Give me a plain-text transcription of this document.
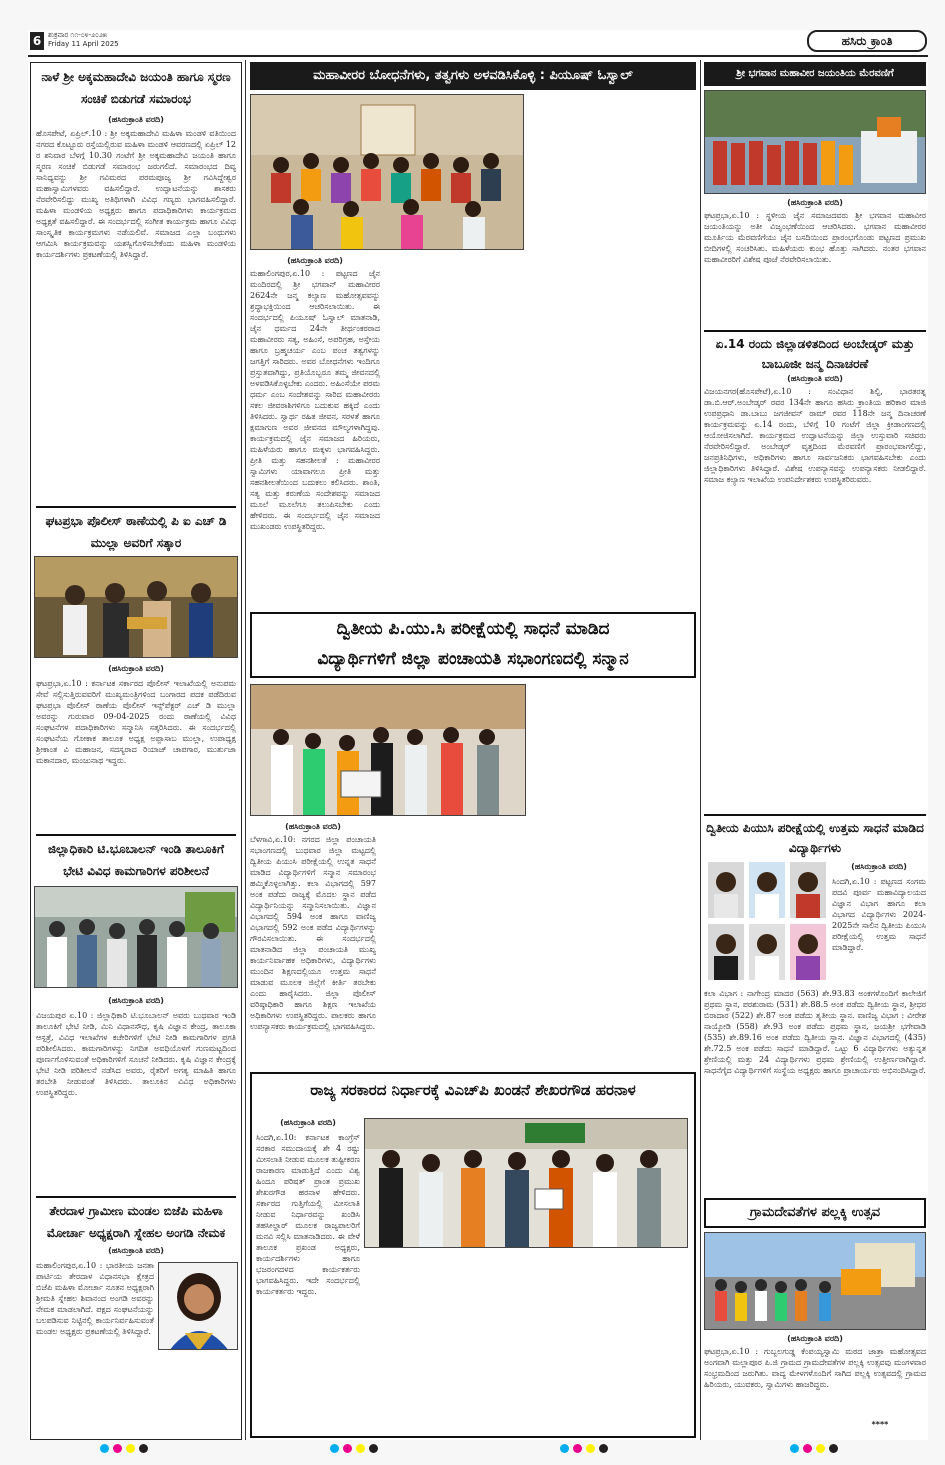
6 ಶುಕ್ರವಾರ ೧೧-೦೪-೨೦೨೫
Friday 11 April 2025	ಹಸಿರು ಕ್ರಾಂತಿ
ನಾಳೆ ಶ್ರೀ ಅಕ್ಕಮಹಾದೇವಿ ಜಯಂತಿ ಹಾಗೂ ಸ್ಮರಣ ಸಂಚಿಕೆ ಬಿಡುಗಡೆ ಸಮಾರಂಭ
(ಹಸಿರುಕ್ರಾಂತಿ ವರದಿ)
ಹೊಸಪೇಟೆ, ಏಪ್ರಿಲ್.10 : ಶ್ರೀ ಅಕ್ಕಮಹಾದೇವಿ ಮಹಿಳಾ ಮಂಡಳಿ ವತಿಯಿಂದ ನಗರದ ಕೊಟ್ಟೂರು ರಸ್ತೆಯಲ್ಲಿರುವ ಮಹಿಳಾ ಮಂಡಳಿ ಆವರಣದಲ್ಲಿ ಏಪ್ರಿಲ್ 12 ರ ಶನಿವಾರ ಬೆಳಗ್ಗೆ 10.30 ಗಂಟೆಗೆ ಶ್ರೀ ಅಕ್ಕಮಹಾದೇವಿ ಜಯಂತಿ ಹಾಗೂ ಸ್ಮರಣ ಸಂಚಿಕೆ ಬಿಡುಗಡೆ ಸಮಾರಂಭ ಜರುಗಲಿದೆ. ಸಮಾರಂಭದ ದಿವ್ಯ ಸಾನಿಧ್ಯವನ್ನು ಶ್ರೀ ಗವಿಮಠದ ಪರಮಪೂಜ್ಯ ಶ್ರೀ ಗವಿಸಿದ್ದೇಶ್ವರ ಮಹಾಸ್ವಾಮಿಗಳವರು ವಹಿಸಲಿದ್ದಾರೆ. ಉದ್ಘಾಟನೆಯನ್ನು ಶಾಸಕರು ನೆರವೇರಿಸಲಿದ್ದು ಮುಖ್ಯ ಅತಿಥಿಗಳಾಗಿ ವಿವಿಧ ಗಣ್ಯರು ಭಾಗವಹಿಸಲಿದ್ದಾರೆ. ಮಹಿಳಾ ಮಂಡಳಿಯ ಅಧ್ಯಕ್ಷರು ಹಾಗೂ ಪದಾಧಿಕಾರಿಗಳು ಕಾರ್ಯಕ್ರಮದ ಅಧ್ಯಕ್ಷತೆ ವಹಿಸಲಿದ್ದಾರೆ. ಈ ಸಂದರ್ಭದಲ್ಲಿ ಸಂಗೀತ ಕಾರ್ಯಕ್ರಮ ಹಾಗೂ ವಿವಿಧ ಸಾಂಸ್ಕೃತಿಕ ಕಾರ್ಯಕ್ರಮಗಳು ನಡೆಯಲಿವೆ. ಸಮಾಜದ ಎಲ್ಲಾ ಬಂಧುಗಳು ಆಗಮಿಸಿ ಕಾರ್ಯಕ್ರಮವನ್ನು ಯಶಸ್ವಿಗೊಳಿಸಬೇಕೆಂದು ಮಹಿಳಾ ಮಂಡಳಿಯ ಕಾರ್ಯದರ್ಶಿಗಳು ಪ್ರಕಟಣೆಯಲ್ಲಿ ತಿಳಿಸಿದ್ದಾರೆ.
ಘಟಪ್ರಭಾ ಪೊಲೀಸ್ ಠಾಣೆಯಲ್ಲಿ ಪಿ ಐ ಎಚ್ ಡಿ ಮುಲ್ಲಾ ಅವರಿಗೆ ಸತ್ಕಾರ
(ಹಸಿರುಕ್ರಾಂತಿ ವರದಿ)
ಘಟಪ್ರಭಾ,ಏ.10 : ಕರ್ನಾಟಕ ಸರ್ಕಾರದ ಪೊಲೀಸ್ ಇಲಾಖೆಯಲ್ಲಿ ಅನುಪಮ ಸೇವೆ ಸಲ್ಲಿಸುತ್ತಿರುವವರಿಗೆ ಮುಖ್ಯಮಂತ್ರಿಗಳಿಂದ ಬಂಗಾರದ ಪದಕ ಪಡೆದಿರುವ ಘಟಪ್ರಭಾ ಪೊಲೀಸ್ ಠಾಣೆಯ ಪೊಲೀಸ್ ಇನ್ಸ್‌ಪೆಕ್ಟರ್ ಎಚ್ ಡಿ ಮುಲ್ಲಾ ಅವರನ್ನು ಗುರುವಾರ 09-04-2025 ರಂದು ಠಾಣೆಯಲ್ಲಿ ವಿವಿಧ ಸಂಘಟನೆಗಳ ಪದಾಧಿಕಾರಿಗಳು ಸನ್ಮಾನಿಸಿ ಸತ್ಕರಿಸಿದರು. ಈ ಸಂದರ್ಭದಲ್ಲಿ ಸಂಘಟನೆಯ ಗೋಕಾಕ ತಾಲೂಕ ಅಧ್ಯಕ್ಷ ಅಪ್ಪಾಸಾಬ ಮುಲ್ಲಾ, ಉಪಾಧ್ಯಕ್ಷ ಶ್ರೀಕಾಂತ ವಿ ಮಹಾಜನ, ಸದಸ್ಯರಾದ ರಿಯಾಜ್ ಚಾಪಗಾರ, ಮುರ್ತುಜಾ ಮಕಾನದಾರ, ಮಂಜುನಾಥ ಇದ್ದರು.
ಜಿಲ್ಲಾಧಿಕಾರಿ ಟಿ.ಭೂಬಾಲನ್ ಇಂಡಿ ತಾಲೂಕಿಗೆ ಭೇಟಿ ವಿವಿಧ ಕಾಮಗಾರಿಗಳ ಪರಿಶೀಲನೆ
(ಹಸಿರುಕ್ರಾಂತಿ ವರದಿ)
ವಿಜಯಪುರ ಏ.10 : ಜಿಲ್ಲಾಧಿಕಾರಿ ಟಿ.ಭೂಬಾಲನ್ ಅವರು ಬುಧವಾರ ಇಂಡಿ ತಾಲೂಕಿಗೆ ಭೇಟಿ ನೀಡಿ, ಮಿನಿ ವಿಧಾನಸೌಧ, ಕೃಷಿ ವಿಜ್ಞಾನ ಕೇಂದ್ರ, ತಾಲೂಕಾ ಆಸ್ಪತ್ರೆ, ವಿವಿಧ ಇಲಾಖೆಗಳ ಕಚೇರಿಗಳಿಗೆ ಭೇಟಿ ನೀಡಿ ಕಾಮಗಾರಿಗಳ ಪ್ರಗತಿ ಪರಿಶೀಲಿಸಿದರು. ಕಾಮಗಾರಿಗಳನ್ನು ನಿಗದಿತ ಅವಧಿಯೊಳಗೆ ಗುಣಮಟ್ಟದಿಂದ ಪೂರ್ಣಗೊಳಿಸುವಂತೆ ಅಧಿಕಾರಿಗಳಿಗೆ ಸೂಚನೆ ನೀಡಿದರು. ಕೃಷಿ ವಿಜ್ಞಾನ ಕೇಂದ್ರಕ್ಕೆ ಭೇಟಿ ನೀಡಿ ಪರಿಶೀಲನೆ ನಡೆಸಿದ ಅವರು, ರೈತರಿಗೆ ಅಗತ್ಯ ಮಾಹಿತಿ ಹಾಗೂ ತರಬೇತಿ ನೀಡುವಂತೆ ತಿಳಿಸಿದರು. ತಾಲೂಕಿನ ವಿವಿಧ ಅಧಿಕಾರಿಗಳು ಉಪಸ್ಥಿತರಿದ್ದರು.
ತೇರದಾಳ ಗ್ರಾಮೀಣ ಮಂಡಲ ಬಿಜೆಪಿ ಮಹಿಳಾ ಮೋರ್ಚಾ ಅಧ್ಯಕ್ಷರಾಗಿ ಸ್ನೇಹಲ ಅಂಗಡಿ ನೇಮಕ
(ಹಸಿರುಕ್ರಾಂತಿ ವರದಿ)
ಮಹಾಲಿಂಗಪುರ,ಏ.10 : ಭಾರತೀಯ ಜನತಾ ಪಾರ್ಟಿಯ ತೇರದಾಳ ವಿಧಾನಸಭಾ ಕ್ಷೇತ್ರದ ಬಿಜೆಪಿ ಮಹಿಳಾ ಮೋರ್ಚಾ ನೂತನ ಅಧ್ಯಕ್ಷರಾಗಿ ಶ್ರೀಮತಿ ಸ್ನೇಹಲ ಶಿವಾನಂದ ಅಂಗಡಿ ಅವರನ್ನು ನೇಮಕ ಮಾಡಲಾಗಿದೆ. ಪಕ್ಷದ ಸಂಘಟನೆಯನ್ನು ಬಲಪಡಿಸುವ ನಿಟ್ಟಿನಲ್ಲಿ ಕಾರ್ಯನಿರ್ವಹಿಸುವಂತೆ ಮಂಡಲ ಅಧ್ಯಕ್ಷರು ಪ್ರಕಟಣೆಯಲ್ಲಿ ತಿಳಿಸಿದ್ದಾರೆ.
ಮಹಾವೀರರ ಬೋಧನೆಗಳು, ತತ್ವಗಳು ಅಳವಡಿಸಿಕೊಳ್ಳಿ : ಪಿಯೂಷ್ ಓಸ್ವಾಲ್
(ಹಸಿರುಕ್ರಾಂತಿ ವರದಿ)
ಮಹಾಲಿಂಗಪುರ,ಏ.10 : ಪಟ್ಟಣದ ಜೈನ ಮಂದಿರದಲ್ಲಿ ಶ್ರೀ ಭಗವಾನ್ ಮಹಾವೀರರ 2624ನೇ ಜನ್ಮ ಕಲ್ಯಾಣ ಮಹೋತ್ಸವವನ್ನು ಶ್ರದ್ಧಾಭಕ್ತಿಯಿಂದ ಆಚರಿಸಲಾಯಿತು. ಈ ಸಂದರ್ಭದಲ್ಲಿ ಪಿಯೂಷ್ ಓಸ್ವಾಲ್ ಮಾತನಾಡಿ, ಜೈನ ಧರ್ಮದ 24ನೇ ತೀರ್ಥಂಕರರಾದ ಮಹಾವೀರರು ಸತ್ಯ, ಅಹಿಂಸೆ, ಅಪರಿಗ್ರಹ, ಅಸ್ತೇಯ ಹಾಗೂ ಬ್ರಹ್ಮಚರ್ಯ ಎಂಬ ಪಂಚ ತತ್ವಗಳನ್ನು ಜಗತ್ತಿಗೆ ಸಾರಿದರು. ಅವರ ಬೋಧನೆಗಳು ಇಂದಿಗೂ ಪ್ರಸ್ತುತವಾಗಿದ್ದು, ಪ್ರತಿಯೊಬ್ಬರೂ ತಮ್ಮ ಜೀವನದಲ್ಲಿ ಅಳವಡಿಸಿಕೊಳ್ಳಬೇಕು ಎಂದರು. ಅಹಿಂಸೆಯೇ ಪರಮ ಧರ್ಮ ಎಂಬ ಸಂದೇಶವನ್ನು ಸಾರಿದ ಮಹಾವೀರರು ಸಕಲ ಜೀವರಾಶಿಗಳಿಗೂ ಬದುಕುವ ಹಕ್ಕಿದೆ ಎಂದು ತಿಳಿಸಿದರು. ಸ್ವಾರ್ಥ ರಹಿತ ಜೀವನ, ಸರಳತೆ ಹಾಗೂ ಕ್ಷಮಾಗುಣ ಅವರ ಜೀವನದ ಮೌಲ್ಯಗಳಾಗಿದ್ದವು. ಕಾರ್ಯಕ್ರಮದಲ್ಲಿ ಜೈನ ಸಮಾಜದ ಹಿರಿಯರು, ಮಹಿಳೆಯರು ಹಾಗೂ ಮಕ್ಕಳು ಭಾಗವಹಿಸಿದ್ದರು. ಪ್ರೀತಿ ಮತ್ತು ಸಹನಶೀಲತೆ : ಮಹಾವೀರರ ಸ್ವಾಮಿಗಳು ಯಾವಾಗಲೂ ಪ್ರೀತಿ ಮತ್ತು ಸಹನಶೀಲತೆಯಿಂದ ಬದುಕಲು ಕಲಿಸಿದರು. ಶಾಂತಿ, ಸತ್ಯ ಮತ್ತು ಕರುಣೆಯ ಸಂದೇಶವನ್ನು ಸಮಾಜದ ಮೂಲೆ ಮೂಲೆಗೂ ತಲುಪಿಸಬೇಕು ಎಂದು ಹೇಳಿದರು. ಈ ಸಂದರ್ಭದಲ್ಲಿ ಜೈನ ಸಮಾಜದ ಮುಖಂಡರು ಉಪಸ್ಥಿತರಿದ್ದರು.
ದ್ವಿತೀಯ ಪಿ.ಯು.ಸಿ ಪರೀಕ್ಷೆಯಲ್ಲಿ ಸಾಧನೆ ಮಾಡಿದ
ವಿದ್ಯಾರ್ಥಿಗಳಿಗೆ ಜಿಲ್ಲಾ ಪಂಚಾಯತಿ ಸಭಾಂಗಣದಲ್ಲಿ ಸನ್ಮಾನ
(ಹಸಿರುಕ್ರಾಂತಿ ವರದಿ)
ಬೆಳಗಾವಿ,ಏ.10: ನಗರದ ಜಿಲ್ಲಾ ಪಂಚಾಯತಿ ಸಭಾಂಗಣದಲ್ಲಿ ಬುಧವಾರ ಜಿಲ್ಲಾ ಮಟ್ಟದಲ್ಲಿ ದ್ವಿತೀಯ ಪಿಯುಸಿ ಪರೀಕ್ಷೆಯಲ್ಲಿ ಉನ್ನತ ಸಾಧನೆ ಮಾಡಿದ ವಿದ್ಯಾರ್ಥಿಗಳಿಗೆ ಸನ್ಮಾನ ಸಮಾರಂಭ ಹಮ್ಮಿಕೊಳ್ಳಲಾಗಿತ್ತು. ಕಲಾ ವಿಭಾಗದಲ್ಲಿ 597 ಅಂಕ ಪಡೆದು ರಾಜ್ಯಕ್ಕೆ ಮೊದಲ ಸ್ಥಾನ ಪಡೆದ ವಿದ್ಯಾರ್ಥಿನಿಯನ್ನು ಸನ್ಮಾನಿಸಲಾಯಿತು. ವಿಜ್ಞಾನ ವಿಭಾಗದಲ್ಲಿ 594 ಅಂಕ ಹಾಗೂ ವಾಣಿಜ್ಯ ವಿಭಾಗದಲ್ಲಿ 592 ಅಂಕ ಪಡೆದ ವಿದ್ಯಾರ್ಥಿಗಳನ್ನು ಗೌರವಿಸಲಾಯಿತು. ಈ ಸಂದರ್ಭದಲ್ಲಿ ಮಾತನಾಡಿದ ಜಿಲ್ಲಾ ಪಂಚಾಯತಿ ಮುಖ್ಯ ಕಾರ್ಯನಿರ್ವಾಹಕ ಅಧಿಕಾರಿಗಳು, ವಿದ್ಯಾರ್ಥಿಗಳು ಮುಂದಿನ ಶಿಕ್ಷಣದಲ್ಲಿಯೂ ಉತ್ತಮ ಸಾಧನೆ ಮಾಡುವ ಮೂಲಕ ಜಿಲ್ಲೆಗೆ ಕೀರ್ತಿ ತರಬೇಕು ಎಂದು ಹಾರೈಸಿದರು. ಜಿಲ್ಲಾ ಪೊಲೀಸ್ ವರಿಷ್ಠಾಧಿಕಾರಿ ಹಾಗೂ ಶಿಕ್ಷಣ ಇಲಾಖೆಯ ಅಧಿಕಾರಿಗಳು ಉಪಸ್ಥಿತರಿದ್ದರು. ಪಾಲಕರು ಹಾಗೂ ಉಪನ್ಯಾಸಕರು ಕಾರ್ಯಕ್ರಮದಲ್ಲಿ ಭಾಗವಹಿಸಿದ್ದರು.
ರಾಜ್ಯ ಸರಕಾರದ ನಿರ್ಧಾರಕ್ಕೆ ವಿಎಚ್‌ಪಿ ಖಂಡನೆ ಶೇಖರಗೌಡ ಹರನಾಳ
(ಹಸಿರುಕ್ರಾಂತಿ ವರದಿ)
ಸಿಂದಗಿ,ಏ.10: ಕರ್ನಾಟಕ ಕಾಂಗ್ರೆಸ್ ಸರಕಾರ ಸಮುದಾಯಕ್ಕೆ ಶೇ 4 ರಷ್ಟು ಮೀಸಲಾತಿ ನೀಡುವ ಮೂಲಕ ತುಷ್ಟೀಕರಣ ರಾಜಕಾರಣ ಮಾಡುತ್ತಿದೆ ಎಂದು ವಿಶ್ವ ಹಿಂದೂ ಪರಿಷತ್ ಪ್ರಾಂತ ಪ್ರಮುಖ ಶೇಖರಗೌಡ ಹರನಾಳ ಹೇಳಿದರು. ಸರ್ಕಾರದ ಗುತ್ತಿಗೆಯಲ್ಲಿ ಮೀಸಲಾತಿ ನೀಡುವ ನಿರ್ಧಾರವನ್ನು ಖಂಡಿಸಿ ತಹಸೀಲ್ದಾರ್ ಮೂಲಕ ರಾಜ್ಯಪಾಲರಿಗೆ ಮನವಿ ಸಲ್ಲಿಸಿ ಮಾತನಾಡಿದರು. ಈ ವೇಳೆ ತಾಲೂಕ ಪ್ರಖಂಡ ಅಧ್ಯಕ್ಷರು, ಕಾರ್ಯದರ್ಶಿಗಳು ಹಾಗೂ ಭಜರಂಗದಳದ ಕಾರ್ಯಕರ್ತರು ಭಾಗವಹಿಸಿದ್ದರು. ಇದೇ ಸಂದರ್ಭದಲ್ಲಿ ಕಾರ್ಯಕರ್ತರು ಇದ್ದರು.
ಶ್ರೀ ಭಗವಾನ ಮಹಾವೀರ ಜಯಂತಿಯ ಮೆರವಣಿಗೆ
(ಹಸಿರುಕ್ರಾಂತಿ ವರದಿ)
ಘಟಪ್ರಭಾ,ಏ.10 : ಸ್ಥಳೀಯ ಜೈನ ಸಮಾಜದವರು ಶ್ರೀ ಭಗವಾನ ಮಹಾವೀರ ಜಯಂತಿಯನ್ನು ಅತೀ ವಿಜೃಂಭಣೆಯಿಂದ ಆಚರಿಸಿದರು. ಭಗವಾನ ಮಹಾವೀರರ ಮೂರ್ತಿಯ ಮೆರವಣಿಗೆಯು ಜೈನ ಬಸದಿಯಿಂದ ಪ್ರಾರಂಭಗೊಂಡು ಪಟ್ಟಣದ ಪ್ರಮುಖ ಬೀದಿಗಳಲ್ಲಿ ಸಂಚರಿಸಿತು. ಮಹಿಳೆಯರು ಕುಂಭ ಹೊತ್ತು ಸಾಗಿದರು. ನಂತರ ಭಗವಾನ ಮಹಾವೀರರಿಗೆ ವಿಶೇಷ ಪೂಜೆ ನೆರವೇರಿಸಲಾಯಿತು.
ಏ.14 ರಂದು ಜಿಲ್ಲಾಡಳಿತದಿಂದ ಅಂಬೇಡ್ಕರ್ ಮತ್ತು ಬಾಬೂಜೀ ಜನ್ಮ ದಿನಾಚರಣೆ
(ಹಸಿರುಕ್ರಾಂತಿ ವರದಿ)
ವಿಜಯನಗರ(ಹೊಸಪೇಟೆ),ಏ.10 : ಸಂವಿಧಾನ ಶಿಲ್ಪಿ, ಭಾರತರತ್ನ ಡಾ.ಬಿ.ಆರ್.ಅಂಬೇಡ್ಕರ್ ರವರ 134ನೇ ಹಾಗೂ ಹಸಿರು ಕ್ರಾಂತಿಯ ಹರಿಕಾರ ಮಾಜಿ ಉಪಪ್ರಧಾನಿ ಡಾ.ಬಾಬು ಜಗಜೀವನ್ ರಾಮ್ ರವರ 118ನೇ ಜನ್ಮ ದಿನಾಚರಣೆ ಕಾರ್ಯಕ್ರಮವನ್ನು ಏ.14 ರಂದು, ಬೆಳಿಗ್ಗೆ 10 ಗಂಟೆಗೆ ಜಿಲ್ಲಾ ಕ್ರೀಡಾಂಗಣದಲ್ಲಿ ಆಯೋಜಿಸಲಾಗಿದೆ. ಕಾರ್ಯಕ್ರಮದ ಉದ್ಘಾಟನೆಯನ್ನು ಜಿಲ್ಲಾ ಉಸ್ತುವಾರಿ ಸಚಿವರು ನೆರವೇರಿಸಲಿದ್ದಾರೆ. ಅಂಬೇಡ್ಕರ್ ವೃತ್ತದಿಂದ ಮೆರವಣಿಗೆ ಪ್ರಾರಂಭವಾಗಲಿದ್ದು, ಜನಪ್ರತಿನಿಧಿಗಳು, ಅಧಿಕಾರಿಗಳು ಹಾಗೂ ಸಾರ್ವಜನಿಕರು ಭಾಗವಹಿಸಬೇಕು ಎಂದು ಜಿಲ್ಲಾಧಿಕಾರಿಗಳು ತಿಳಿಸಿದ್ದಾರೆ. ವಿಶೇಷ ಉಪನ್ಯಾಸವನ್ನು ಉಪನ್ಯಾಸಕರು ನೀಡಲಿದ್ದಾರೆ. ಸಮಾಜ ಕಲ್ಯಾಣ ಇಲಾಖೆಯ ಉಪನಿರ್ದೇಶಕರು ಉಪಸ್ಥಿತರಿರುವರು.
ದ್ವಿತೀಯ ಪಿಯುಸಿ ಪರೀಕ್ಷೆಯಲ್ಲಿ ಉತ್ತಮ ಸಾಧನೆ ಮಾಡಿದ ವಿದ್ಯಾರ್ಥಿಗಳು
(ಹಸಿರುಕ್ರಾಂತಿ ವರದಿ)
ಸಿಂದಗಿ,ಏ.10 : ಪಟ್ಟಣದ ಸಂಗಮ ಪದವಿ ಪೂರ್ವ ಮಹಾವಿದ್ಯಾಲಯದ ವಿಜ್ಞಾನ ವಿಭಾಗ ಹಾಗೂ ಕಲಾ ವಿಭಾಗದ ವಿದ್ಯಾರ್ಥಿಗಳು 2024-2025ನೇ ಸಾಲಿನ ದ್ವಿತೀಯ ಪಿಯುಸಿ ಪರೀಕ್ಷೆಯಲ್ಲಿ ಉತ್ತಮ ಸಾಧನೆ ಮಾಡಿದ್ದಾರೆ.
ಕಲಾ ವಿಭಾಗ : ನಾಗೇಂದ್ರ ಮಾದರ (563) ಶೇ.93.83 ಅಂಕಗಳೊಂದಿಗೆ ಕಾಲೇಜಿಗೆ ಪ್ರಥಮ ಸ್ಥಾನ, ಪರಶುರಾಮ (531) ಶೇ.88.5 ಅಂಕ ಪಡೆದು ದ್ವಿತೀಯ ಸ್ಥಾನ, ಶ್ರೀಧರ ಬಿರಾದಾರ (522) ಶೇ.87 ಅಂಕ ಪಡೆದು ತೃತೀಯ ಸ್ಥಾನ. ವಾಣಿಜ್ಯ ವಿಭಾಗ : ವೀರೇಶ ನಾಯ್ಕೋಡಿ (558) ಶೇ.93 ಅಂಕ ಪಡೆದು ಪ್ರಥಮ ಸ್ಥಾನ, ಜಯಶ್ರೀ ಭಗೇವಾಡಿ (535) ಶೇ.89.16 ಅಂಕ ಪಡೆದು ದ್ವಿತೀಯ ಸ್ಥಾನ. ವಿಜ್ಞಾನ ವಿಭಾಗದಲ್ಲಿ (435) ಶೇ.72.5 ಅಂಕ ಪಡೆದು ಸಾಧನೆ ಮಾಡಿದ್ದಾರೆ. ಒಟ್ಟು 6 ವಿದ್ಯಾರ್ಥಿಗಳು ಅತ್ಯುನ್ನತ ಶ್ರೇಣಿಯಲ್ಲಿ ಮತ್ತು 24 ವಿದ್ಯಾರ್ಥಿಗಳು ಪ್ರಥಮ ಶ್ರೇಣಿಯಲ್ಲಿ ಉತ್ತೀರ್ಣರಾಗಿದ್ದಾರೆ. ಸಾಧನೆಗೈದ ವಿದ್ಯಾರ್ಥಿಗಳಿಗೆ ಸಂಸ್ಥೆಯ ಅಧ್ಯಕ್ಷರು ಹಾಗೂ ಪ್ರಾಚಾರ್ಯರು ಅಭಿನಂದಿಸಿದ್ದಾರೆ.
ಗ್ರಾಮದೇವತೆಗಳ ಪಲ್ಲಕ್ಕಿ ಉತ್ಸವ
(ಹಸಿರುಕ್ರಾಂತಿ ವರದಿ)
ಘಟಪ್ರಭಾ,ಏ.10 : ಗುಬ್ಬಲಗುಡ್ಡ ಕೆಂಪಯ್ಯಸ್ವಾಮಿ ಮಠದ ಜಾತ್ರಾ ಮಹೋತ್ಸವದ ಅಂಗವಾಗಿ ಮಲ್ಲಾಪೂರ ಪಿ.ಜಿ ಗ್ರಾಮದ ಗ್ರಾಮದೇವತೆಗಳ ಪಲ್ಲಕ್ಕಿ ಉತ್ಸವವು ಮಂಗಳವಾರ ಸಂಭ್ರಮದಿಂದ ಜರುಗಿತು. ವಾದ್ಯ ಮೇಳಗಳೊಂದಿಗೆ ಸಾಗಿದ ಪಲ್ಲಕ್ಕಿ ಉತ್ಸವದಲ್ಲಿ ಗ್ರಾಮದ ಹಿರಿಯರು, ಯುವಕರು, ಸ್ವಾಮಿಗಳು ಹಾಜರಿದ್ದರು.
****
